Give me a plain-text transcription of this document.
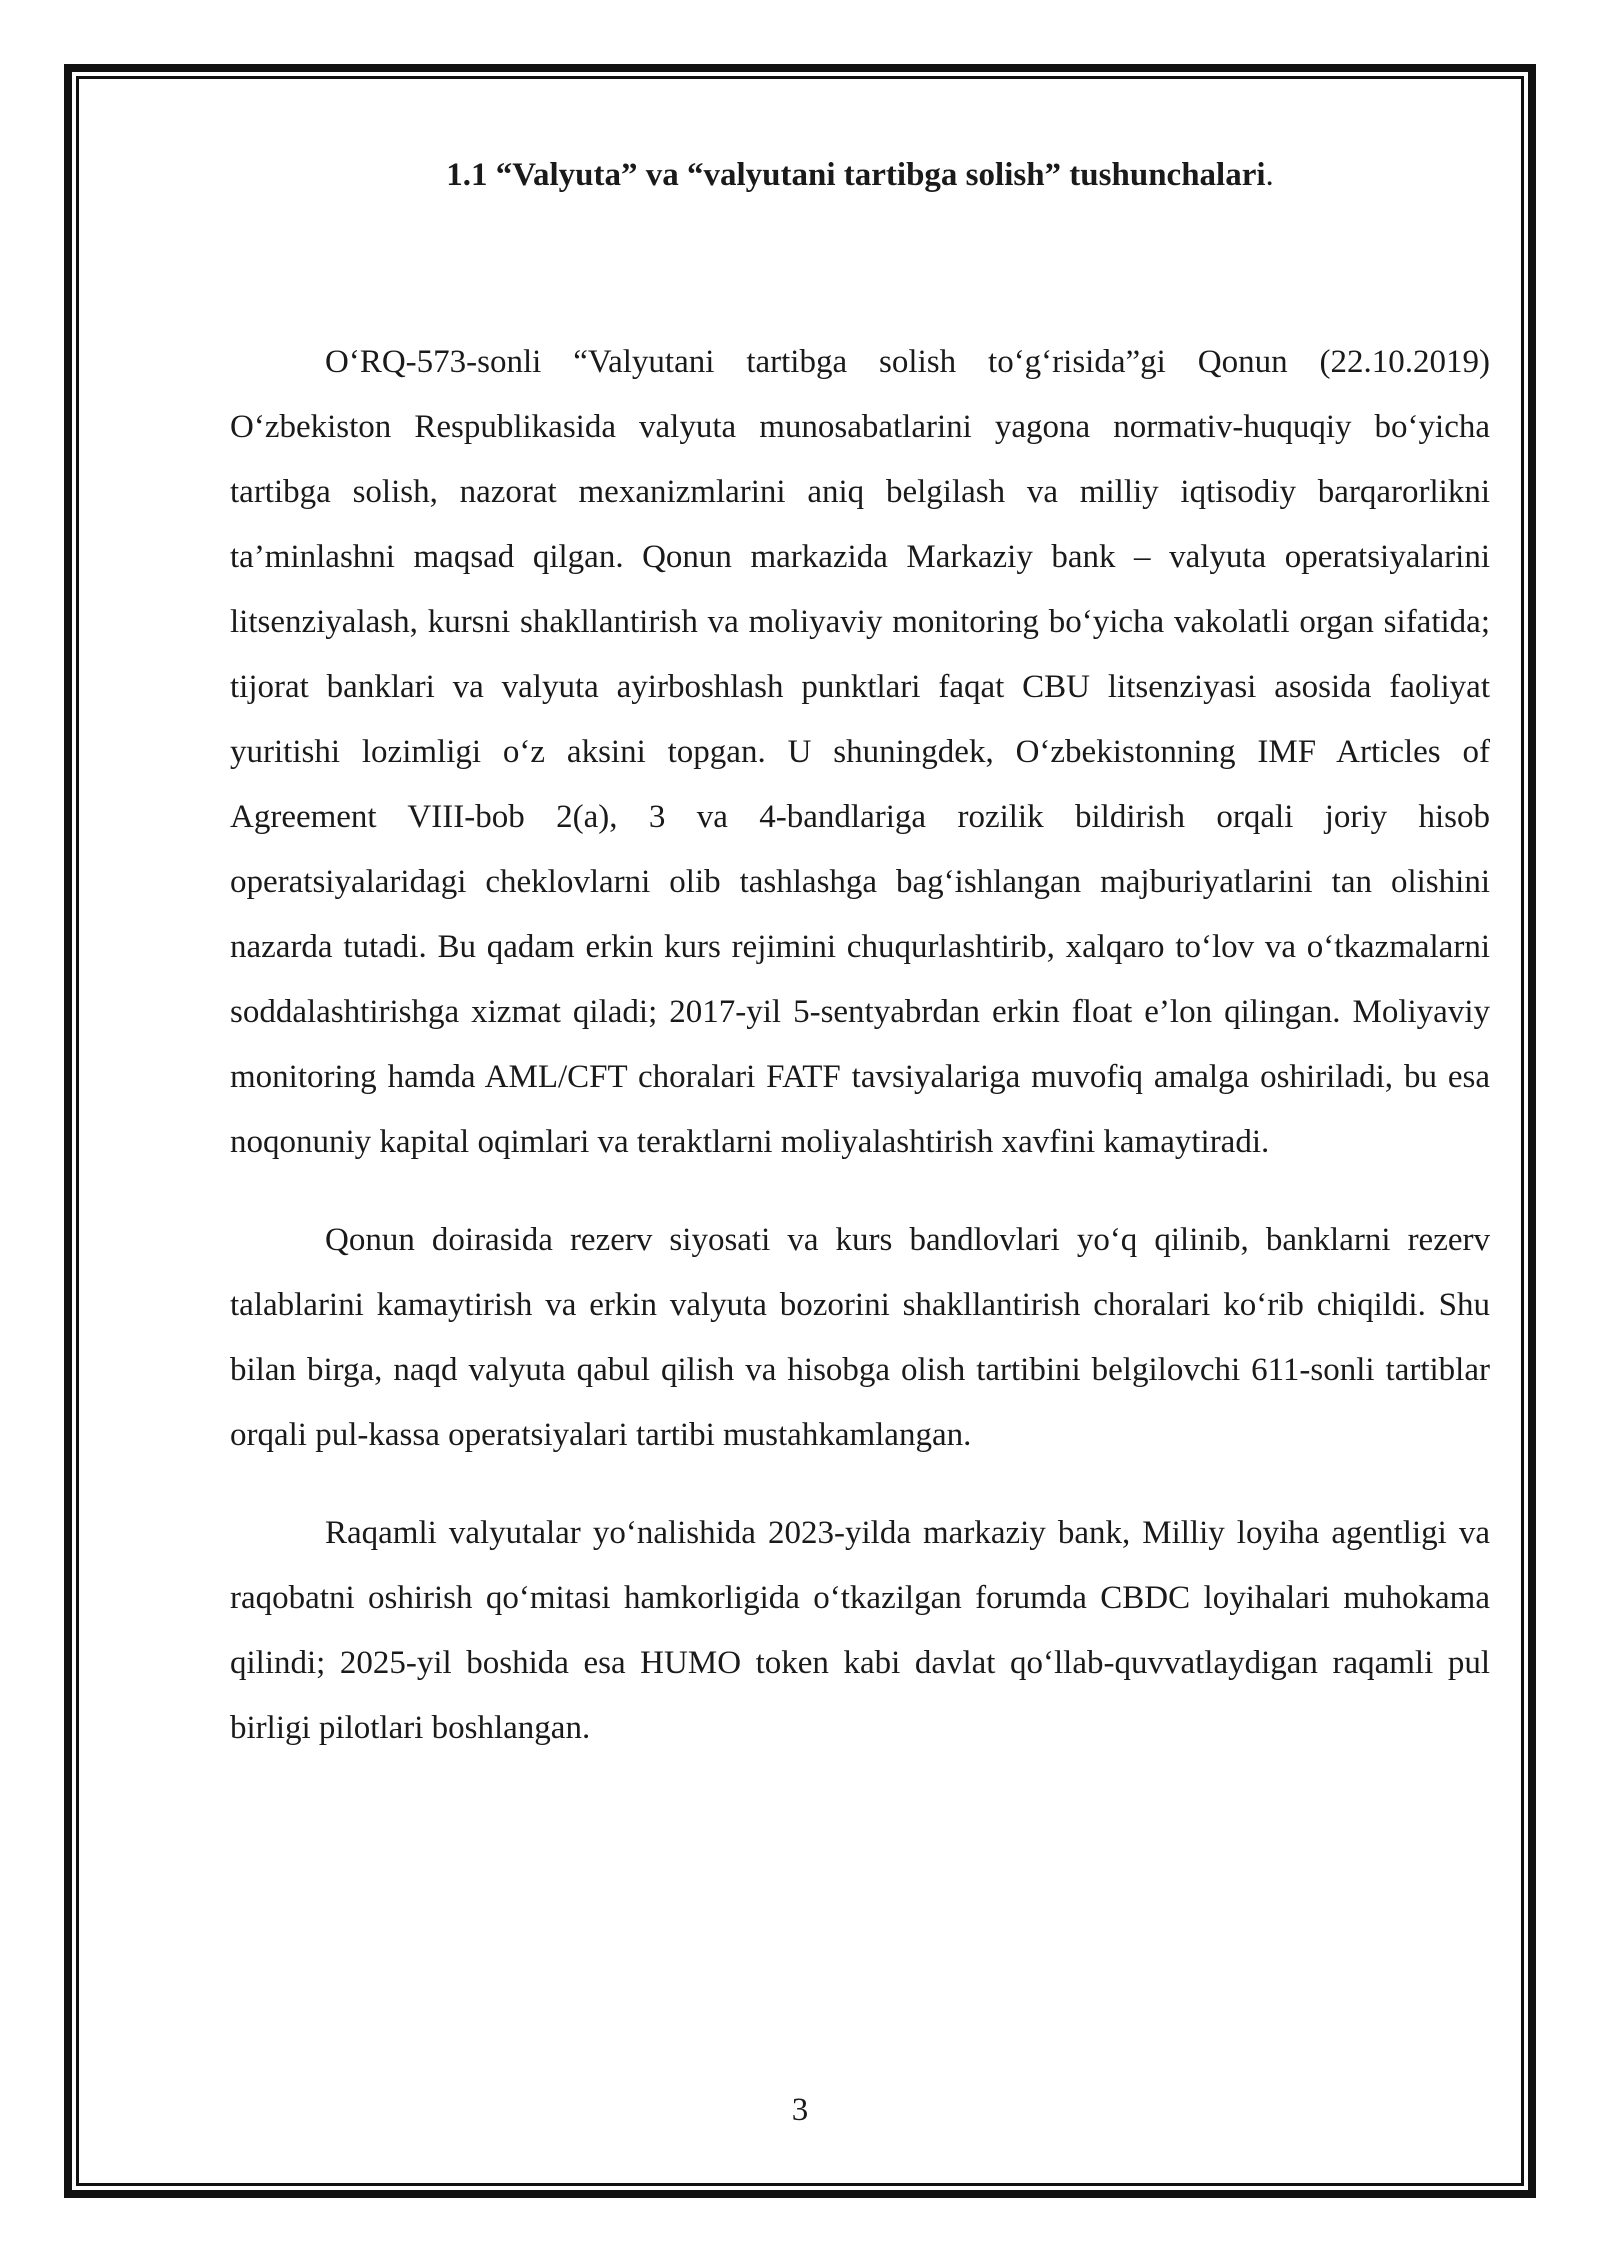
1.1 “Valyuta” va “valyutani tartibga solish” tushunchalari.

O‘RQ-573-sonli “Valyutani tartibga solish to‘g‘risida”gi Qonun (22.10.2019) O‘zbekiston Respublikasida valyuta munosabatlarini yagona normativ-huquqiy bo‘yicha tartibga solish, nazorat mexanizmlarini aniq belgilash va milliy iqtisodiy barqarorlikni ta’minlashni maqsad qilgan. Qonun markazida Markaziy bank – valyuta operatsiyalarini litsenziyalash, kursni shakllantirish va moliyaviy monitoring bo‘yicha vakolatli organ sifatida; tijorat banklari va valyuta ayirboshlash punktlari faqat CBU litsenziyasi asosida faoliyat yuritishi lozimligi o‘z aksini topgan. U shuningdek, O‘zbekistonning IMF Articles of Agreement VIII-bob 2(a), 3 va 4-bandlariga rozilik bildirish orqali joriy hisob operatsiyalaridagi cheklovlarni olib tashlashga bag‘ishlangan majburiyatlarini tan olishini nazarda tutadi. Bu qadam erkin kurs rejimini chuqurlashtirib, xalqaro to‘lov va o‘tkazmalarni soddalashtirishga xizmat qiladi; 2017-yil 5-sentyabrdan erkin float e’lon qilingan. Moliyaviy monitoring hamda AML/CFT choralari FATF tavsiyalariga muvofiq amalga oshiriladi, bu esa noqonuniy kapital oqimlari va teraktlarni moliyalashtirish xavfini kamaytiradi.

Qonun doirasida rezerv siyosati va kurs bandlovlari yo‘q qilinib, banklarni rezerv talablarini kamaytirish va erkin valyuta bozorini shakllantirish choralari ko‘rib chiqildi. Shu bilan birga, naqd valyuta qabul qilish va hisobga olish tartibini belgilovchi 611-sonli tartiblar orqali pul-kassa operatsiyalari tartibi mustahkamlangan.

Raqamli valyutalar yo‘nalishida 2023-yilda markaziy bank, Milliy loyiha agentligi va raqobatni oshirish qo‘mitasi hamkorligida o‘tkazilgan forumda CBDC loyihalari muhokama qilindi; 2025-yil boshida esa HUMO token kabi davlat qo‘llab-quvvatlaydigan raqamli pul birligi pilotlari boshlangan.

3
